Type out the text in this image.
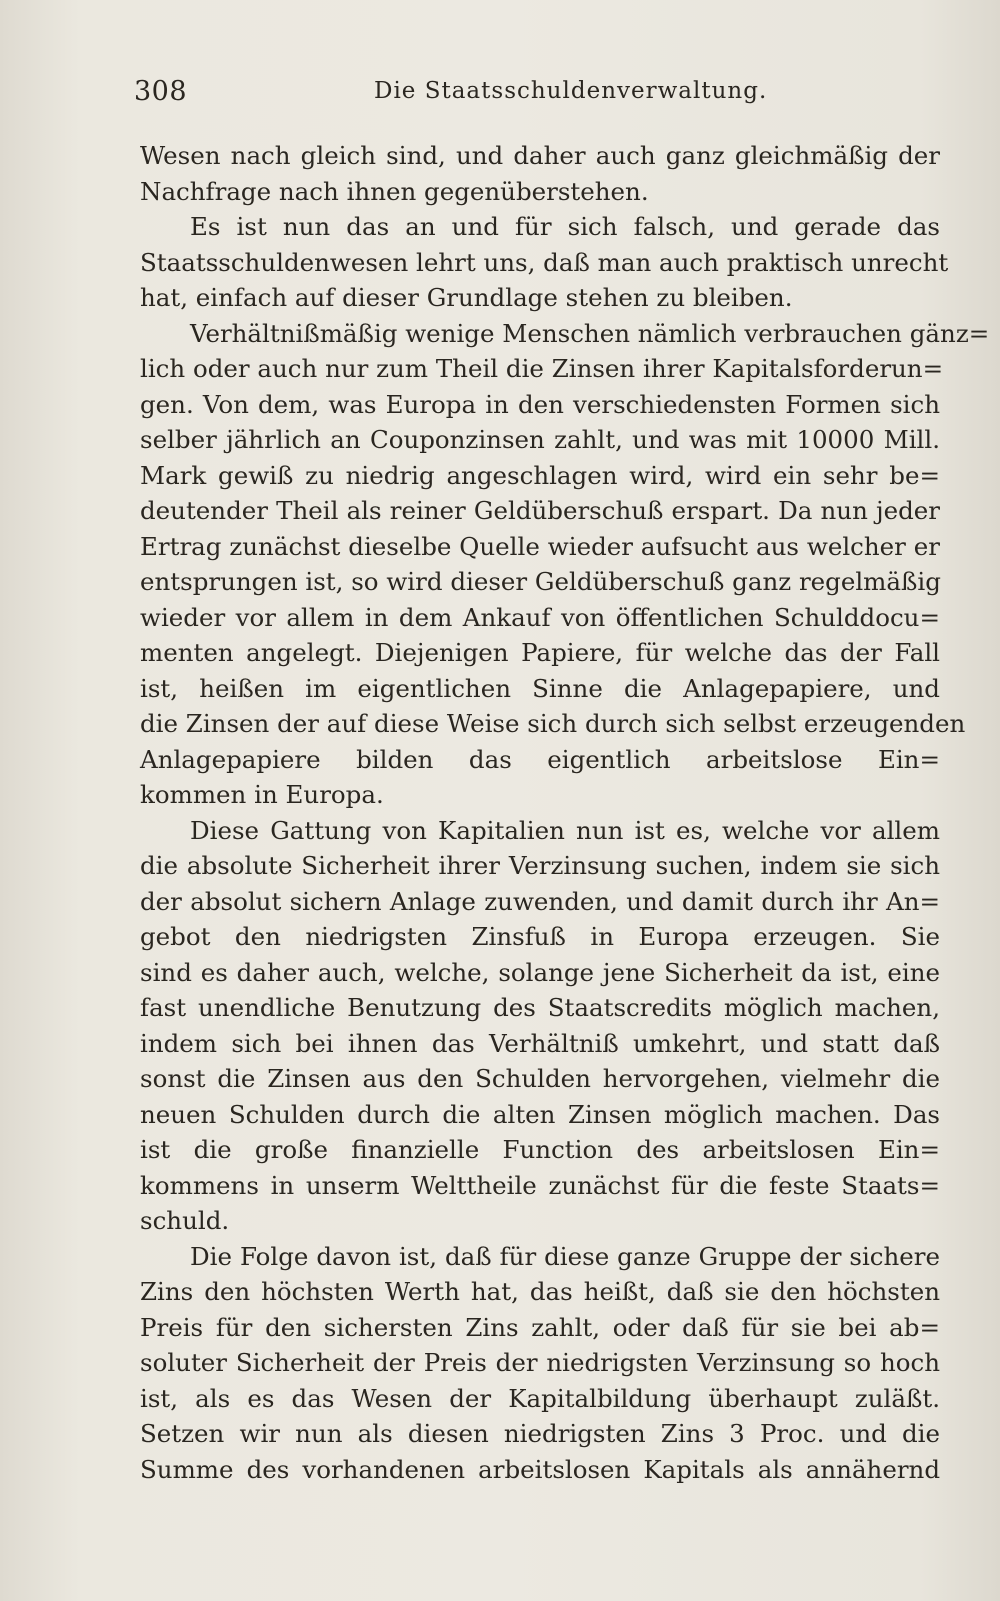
308	Die Staatsschuldenverwaltung.
Wesen nach gleich sind, und daher auch ganz gleichmäßig der
Nachfrage nach ihnen gegenüberstehen.
Es ist nun das an und für sich falsch, und gerade das
Staatsschuldenwesen lehrt uns, daß man auch praktisch unrecht
hat, einfach auf dieser Grundlage stehen zu bleiben.
Verhältnißmäßig wenige Menschen nämlich verbrauchen gänz=
lich oder auch nur zum Theil die Zinsen ihrer Kapitalsforderun=
gen. Von dem, was Europa in den verschiedensten Formen sich
selber jährlich an Couponzinsen zahlt, und was mit 10000 Mill.
Mark gewiß zu niedrig angeschlagen wird, wird ein sehr be=
deutender Theil als reiner Geldüberschuß erspart. Da nun jeder
Ertrag zunächst dieselbe Quelle wieder aufsucht aus welcher er
entsprungen ist, so wird dieser Geldüberschuß ganz regelmäßig
wieder vor allem in dem Ankauf von öffentlichen Schulddocu=
menten angelegt. Diejenigen Papiere, für welche das der Fall
ist, heißen im eigentlichen Sinne die Anlagepapiere, und
die Zinsen der auf diese Weise sich durch sich selbst erzeugenden
Anlagepapiere bilden das eigentlich arbeitslose Ein=
kommen in Europa.
Diese Gattung von Kapitalien nun ist es, welche vor allem
die absolute Sicherheit ihrer Verzinsung suchen, indem sie sich
der absolut sichern Anlage zuwenden, und damit durch ihr An=
gebot den niedrigsten Zinsfuß in Europa erzeugen. Sie
sind es daher auch, welche, solange jene Sicherheit da ist, eine
fast unendliche Benutzung des Staatscredits möglich machen,
indem sich bei ihnen das Verhältniß umkehrt, und statt daß
sonst die Zinsen aus den Schulden hervorgehen, vielmehr die
neuen Schulden durch die alten Zinsen möglich machen. Das
ist die große finanzielle Function des arbeitslosen Ein=
kommens in unserm Welttheile zunächst für die feste Staats=
schuld.
Die Folge davon ist, daß für diese ganze Gruppe der sichere
Zins den höchsten Werth hat, das heißt, daß sie den höchsten
Preis für den sichersten Zins zahlt, oder daß für sie bei ab=
soluter Sicherheit der Preis der niedrigsten Verzinsung so hoch
ist, als es das Wesen der Kapitalbildung überhaupt zuläßt.
Setzen wir nun als diesen niedrigsten Zins 3 Proc. und die
Summe des vorhandenen arbeitslosen Kapitals als annähernd
